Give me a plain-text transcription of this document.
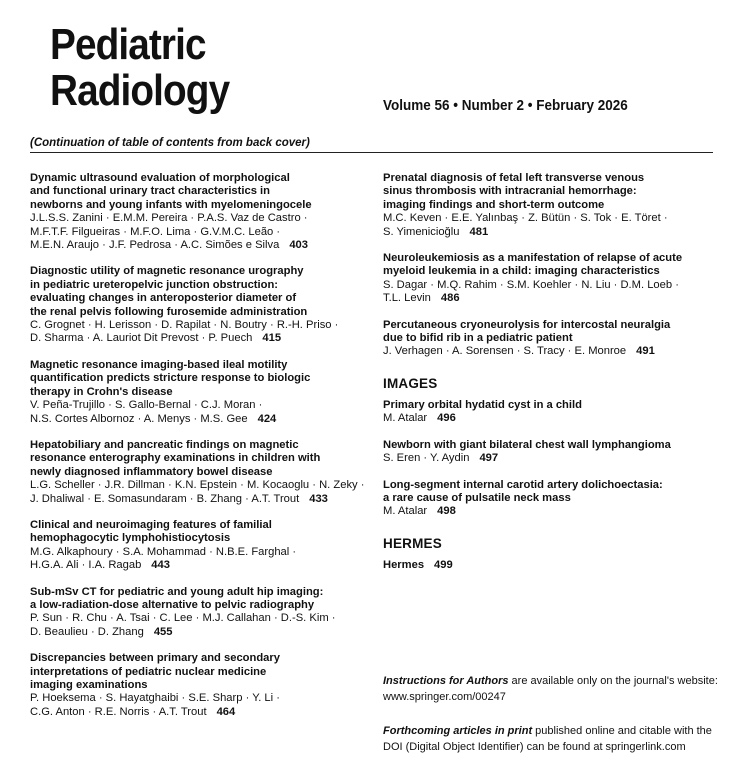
Pediatric
Radiology	Volume 56 • Number 2 • February 2026
(Continuation of table of contents from back cover)
Dynamic ultrasound evaluation of morphological
and functional urinary tract characteristics in
newborns and young infants with myelomeningocele
J.L.S.S. Zanini · E.M.M. Pereira · P.A.S. Vaz de Castro ·
M.F.T.F. Filgueiras · M.F.O. Lima · G.V.M.C. Leão ·
M.E.N. Araujo · J.F. Pedrosa · A.C. Simões e Silva 403
Diagnostic utility of magnetic resonance urography
in pediatric ureteropelvic junction obstruction:
evaluating changes in anteroposterior diameter of
the renal pelvis following furosemide administration
C. Grognet · H. Lerisson · D. Rapilat · N. Boutry · R.-H. Priso ·
D. Sharma · A. Lauriot Dit Prevost · P. Puech 415
Magnetic resonance imaging-based ileal motility
quantification predicts stricture response to biologic
therapy in Crohn's disease
V. Peña-Trujillo · S. Gallo-Bernal · C.J. Moran ·
N.S. Cortes Albornoz · A. Menys · M.S. Gee 424
Hepatobiliary and pancreatic findings on magnetic
resonance enterography examinations in children with
newly diagnosed inflammatory bowel disease
L.G. Scheller · J.R. Dillman · K.N. Epstein · M. Kocaoglu · N. Zeky ·
J. Dhaliwal · E. Somasundaram · B. Zhang · A.T. Trout 433
Clinical and neuroimaging features of familial
hemophagocytic lymphohistiocytosis
M.G. Alkaphoury · S.A. Mohammad · N.B.E. Farghal ·
H.G.A. Ali · I.A. Ragab 443
Sub-mSv CT for pediatric and young adult hip imaging:
a low-radiation-dose alternative to pelvic radiography
P. Sun · R. Chu · A. Tsai · C. Lee · M.J. Callahan · D.-S. Kim ·
D. Beaulieu · D. Zhang 455
Discrepancies between primary and secondary
interpretations of pediatric nuclear medicine
imaging examinations
P. Hoeksema · S. Hayatghaibi · S.E. Sharp · Y. Li ·
C.G. Anton · R.E. Norris · A.T. Trout 464
Prenatal diagnosis of fetal left transverse venous
sinus thrombosis with intracranial hemorrhage:
imaging findings and short-term outcome
M.C. Keven · E.E. Yalınbaş · Z. Bütün · S. Tok · E. Töret ·
S. Yimenicioğlu 481
Neuroleukemiosis as a manifestation of relapse of acute
myeloid leukemia in a child: imaging characteristics
S. Dagar · M.Q. Rahim · S.M. Koehler · N. Liu · D.M. Loeb ·
T.L. Levin 486
Percutaneous cryoneurolysis for intercostal neuralgia
due to bifid rib in a pediatric patient
J. Verhagen · A. Sorensen · S. Tracy · E. Monroe 491
IMAGES
Primary orbital hydatid cyst in a child
M. Atalar 496
Newborn with giant bilateral chest wall lymphangioma
S. Eren · Y. Aydin 497
Long-segment internal carotid artery dolichoectasia:
a rare cause of pulsatile neck mass
M. Atalar 498
HERMES
Hermes 499
Instructions for Authors are available only on the journal's website:
www.springer.com/00247
Forthcoming articles in print published online and citable with the
DOI (Digital Object Identifier) can be found at springerlink.com
